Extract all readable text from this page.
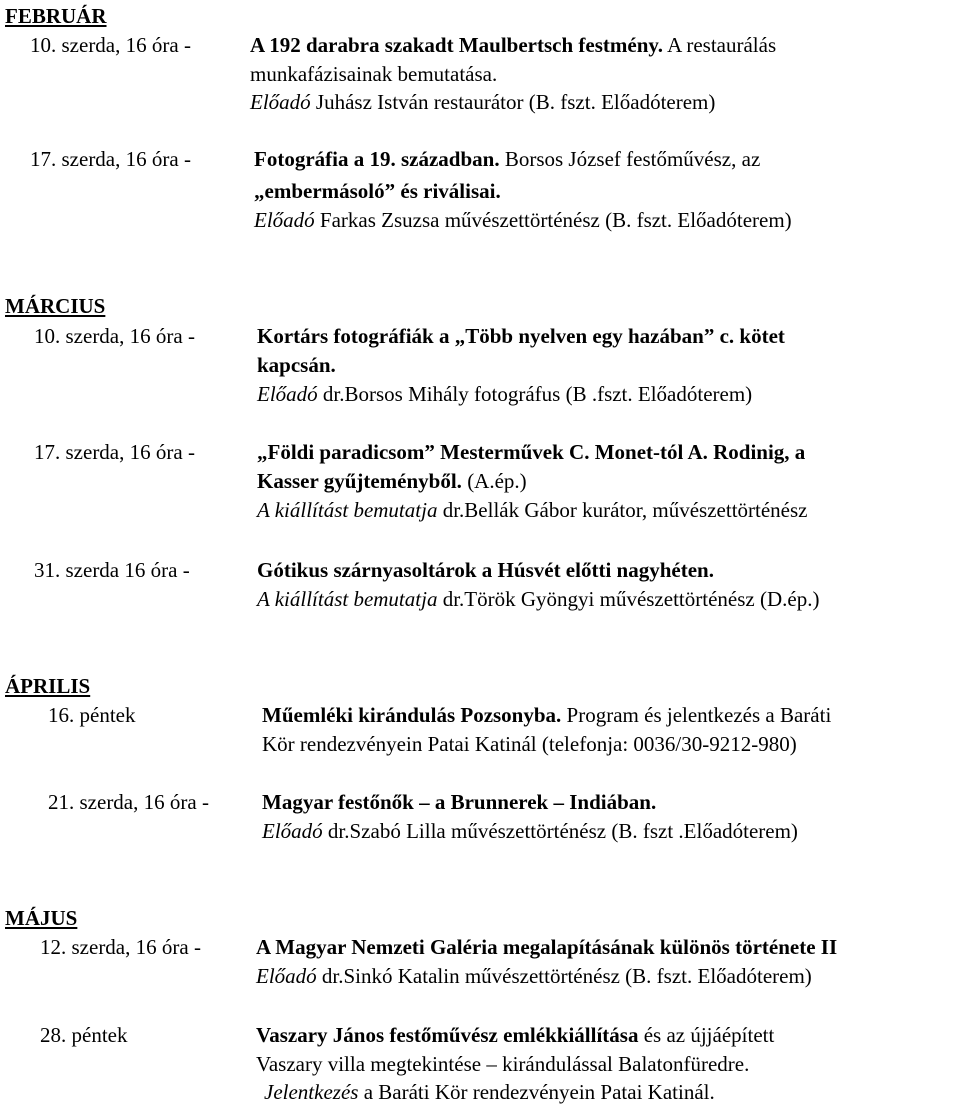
FEBRUÁR
10. szerda, 16 óra -	A 192 darabra szakadt Maulbertsch festmény. A restaurálás
munkafázisainak bemutatása.
Előadó Juhász István restaurátor (B. fszt. Előadóterem)
17. szerda, 16 óra -	Fotográfia a 19. században. Borsos József festőművész, az
„embermásoló” és riválisai.
Előadó Farkas Zsuzsa művészettörténész (B. fszt. Előadóterem)
MÁRCIUS
10. szerda, 16 óra -	Kortárs fotográfiák a „Több nyelven egy hazában” c. kötet
kapcsán.
Előadó dr.Borsos Mihály fotográfus (B .fszt. Előadóterem)
17. szerda, 16 óra -	„Földi paradicsom” Mesterművek C. Monet-tól A. Rodinig, a
Kasser gyűjteményből. (A.ép.)
A kiállítást bemutatja dr.Bellák Gábor kurátor, művészettörténész
31. szerda 16 óra -	Gótikus szárnyasoltárok a Húsvét előtti nagyhéten.
A kiállítást bemutatja dr.Török Gyöngyi művészettörténész (D.ép.)
ÁPRILIS
16. péntek	Műemléki kirándulás Pozsonyba. Program és jelentkezés a Baráti
Kör rendezvényein Patai Katinál (telefonja: 0036/30-9212-980)
21. szerda, 16 óra -	Magyar festőnők – a Brunnerek – Indiában.
Előadó dr.Szabó Lilla művészettörténész (B. fszt .Előadóterem)
MÁJUS
12. szerda, 16 óra -	A Magyar Nemzeti Galéria megalapításának különös története II
Előadó dr.Sinkó Katalin művészettörténész (B. fszt. Előadóterem)
28. péntek	Vaszary János festőművész emlékkiállítása és az újjáépített
Vaszary villa megtekintése – kirándulással Balatonfüredre.
Jelentkezés a Baráti Kör rendezvényein Patai Katinál.
